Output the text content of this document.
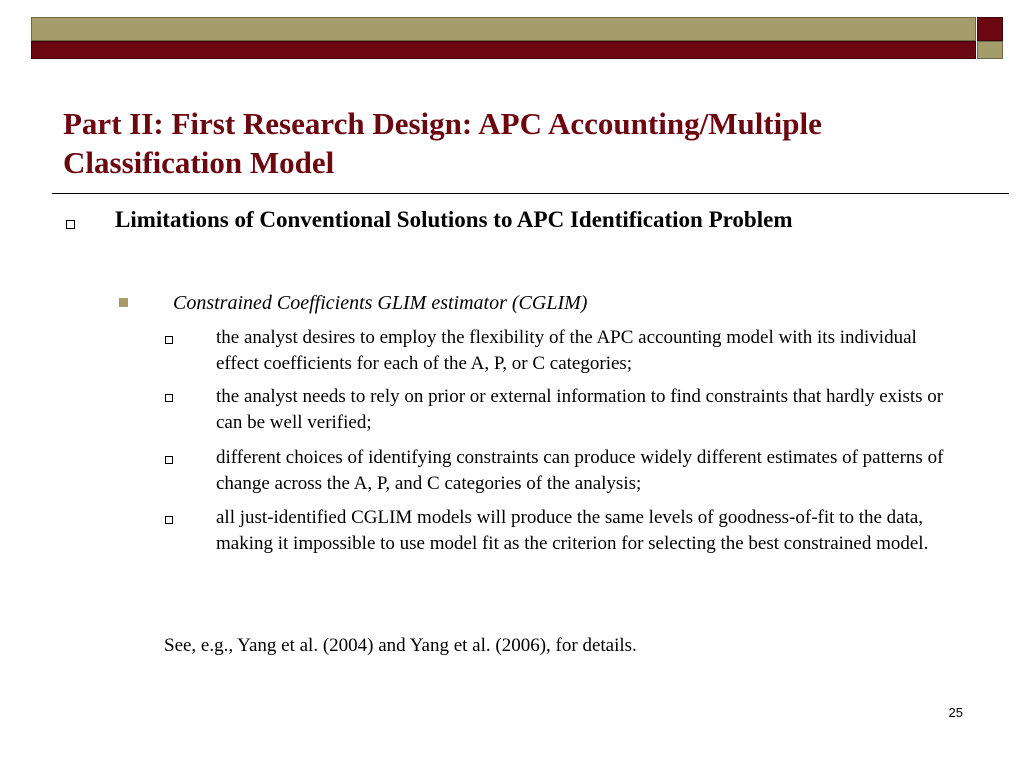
Part II: First Research Design: APC Accounting/Multiple Classification Model
Limitations of Conventional Solutions to APC Identification Problem
Constrained Coefficients GLIM estimator (CGLIM)
the analyst desires to employ the flexibility of the APC accounting model with its individual effect coefficients for each of the A, P, or C categories;
the analyst needs to rely on prior or external information to find constraints that hardly exists or can be well verified;
different choices of identifying constraints can produce widely different estimates of patterns of change across the A, P, and C categories of the analysis;
all just-identified CGLIM models will produce the same levels of goodness-of-fit to the data, making it impossible to use model fit as the criterion for selecting the best constrained model.
See, e.g., Yang et al. (2004) and Yang et al. (2006), for details.
25
